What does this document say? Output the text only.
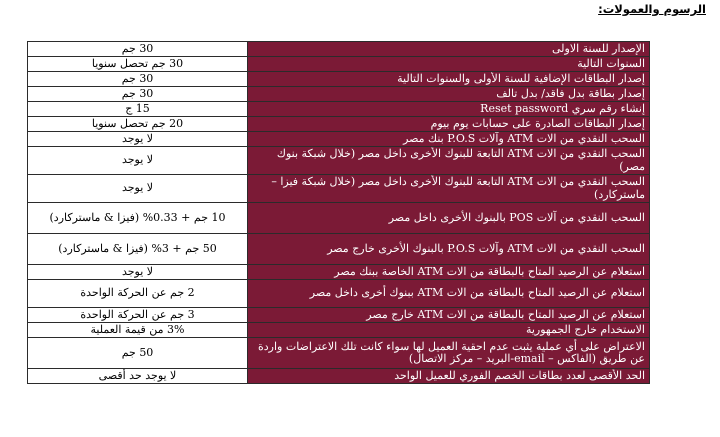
الرسوم والعمولات:
الإصدار للسنة الاولى	30 جم
السنوات التالية	30 جم تحصل سنويا
إصدار البطاقات الإضافية للسنة الأولى والسنوات التالية	30 جم
إصدار بطاقة بدل فاقد/ بدل تالف	30 جم
إنشاء رقم سري Reset password	15 ج
إصدار البطاقات الصادرة على حسابات يوم بيوم	20 جم تحصل سنويا
السحب النقدي من الات ATM وآلات P.O.S بنك مصر	لا يوجد
السحب النقدي من الات ATM التابعة للبنوك الأخرى داخل مصر (خلال شبكة بنوك مصر)	لا يوجد
السحب النقدي من الات ATM التابعة للبنوك الأخرى داخل مصر (خلال شبكة فيزا – ماستركارد)	لا يوجد
السحب النقدي من آلات POS بالبنوك الأخرى داخل مصر	10 جم + 0.33% (فيزا & ماستركارد)
السحب النقدي من الات ATM وآلات P.O.S بالبنوك الأخرى خارج مصر	50 جم + 3% (فيزا & ماستركارد)
استعلام عن الرصيد المتاح بالبطاقة من الات ATM الخاصة ببنك مصر	لا يوجد
استعلام عن الرصيد المتاح بالبطاقة من الات ATM ببنوك أخرى داخل مصر	2 جم عن الحركة الواحدة
استعلام عن الرصيد المتاح بالبطاقة من الات ATM خارج مصر	3 جم عن الحركة الواحدة
الاستخدام خارج الجمهورية	3% من قيمة العملية
الاعتراض على أي عملية يثبت عدم احقية العميل لها سواء كانت تلك الاعتراضات واردة عن طريق (الفاكس – email-البريد – مركز الاتصال)	50 جم
الحد الأقصى لعدد بطاقات الخصم الفوري للعميل الواحد	لا يوجد حد أقصى
